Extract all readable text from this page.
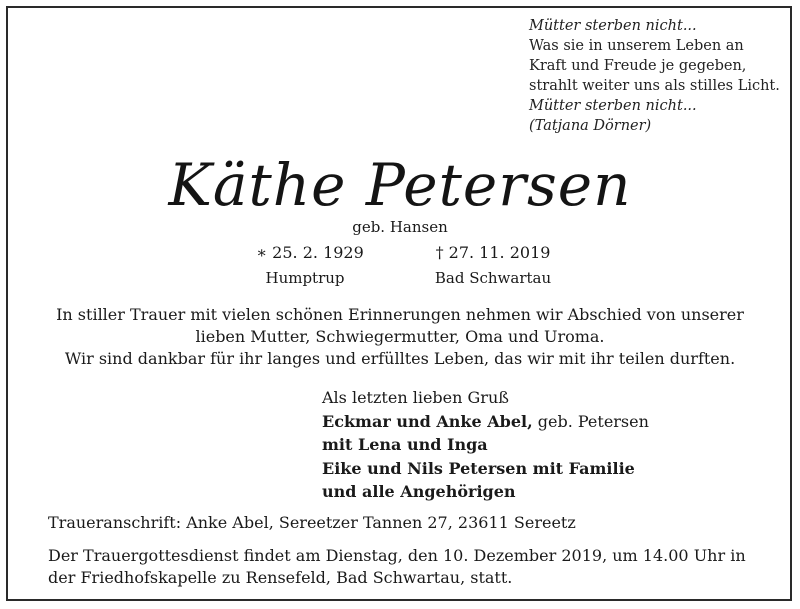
Mütter sterben nicht...
Was sie in unserem Leben an
Kraft und Freude je gegeben,
strahlt weiter uns als stilles Licht.
Mütter sterben nicht...
(Tatjana Dörner)
Käthe Petersen
geb. Hansen
∗ 25. 2. 1929	† 27. 11. 2019
Humptrup	Bad Schwartau
In stiller Trauer mit vielen schönen Erinnerungen nehmen wir Abschied von unserer
lieben Mutter, Schwiegermutter, Oma und Uroma.
Wir sind dankbar für ihr langes und erfülltes Leben, das wir mit ihr teilen durften.
Als letzten lieben Gruß
Eckmar und Anke Abel, geb. Petersen
mit Lena und Inga
Eike und Nils Petersen mit Familie
und alle Angehörigen
Traueranschrift: Anke Abel, Sereetzer Tannen 27, 23611 Sereetz
Der Trauergottesdienst findet am Dienstag, den 10. Dezember 2019, um 14.00 Uhr in
der Friedhofskapelle zu Rensefeld, Bad Schwartau, statt.
